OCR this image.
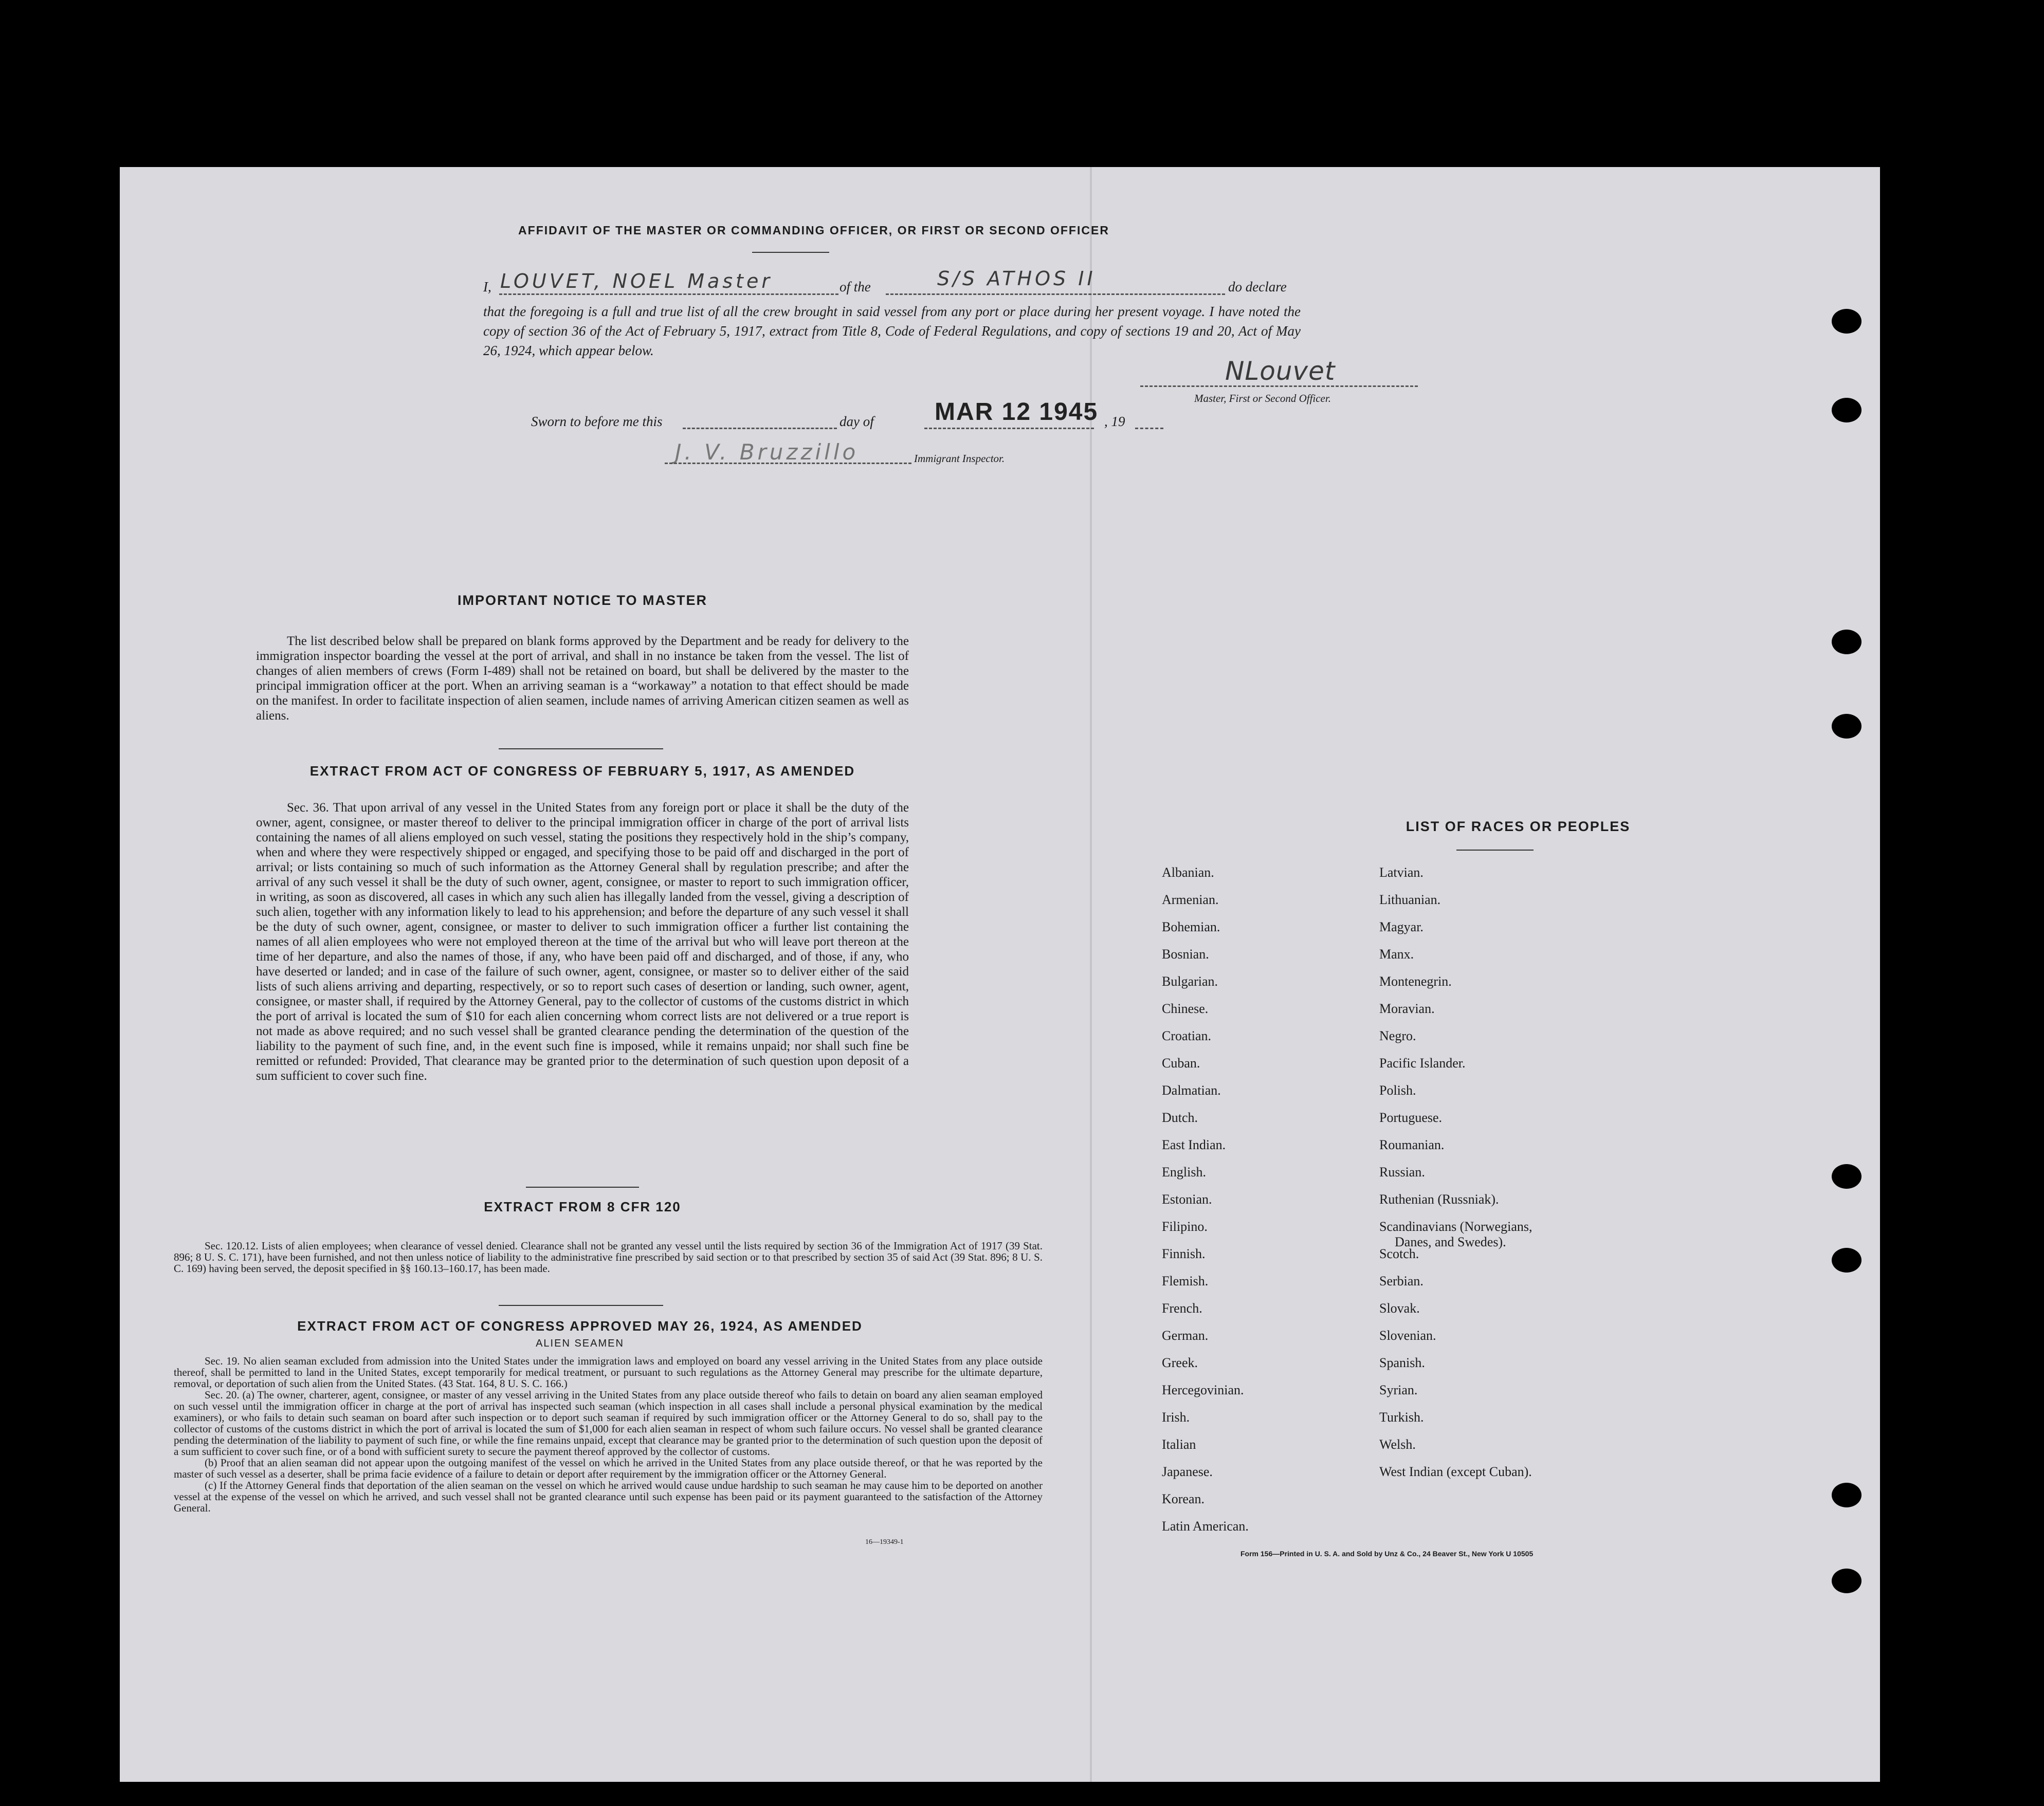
AFFIDAVIT OF THE MASTER OR COMMANDING OFFICER, OR FIRST OR SECOND OFFICER
I, LOUVET, NOEL Master	of the	S/S ATHOS II	do declare
that the foregoing is a full and true list of all the crew brought in said vessel from any port or place during her present voyage. I have noted the copy of section 36 of the Act of February 5, 1917, extract from Title 8, Code of Federal Regulations, and copy of sections 19 and 20, Act of May 26, 1924, which appear below.
NLouvet
Master, First or Second Officer.
Sworn to before me this	day of MAR 12 1945 , 19
J. V. Bruzzillo	Immigrant Inspector.
IMPORTANT NOTICE TO MASTER
The list described below shall be prepared on blank forms approved by the Department and be ready for delivery to the immigration inspector boarding the vessel at the port of arrival, and shall in no instance be taken from the vessel. The list of changes of alien members of crews (Form I-489) shall not be retained on board, but shall be delivered by the master to the principal immigration officer at the port. When an arriving seaman is a “workaway” a notation to that effect should be made on the manifest. In order to facilitate inspection of alien seamen, include names of arriving American citizen seamen as well as aliens.
EXTRACT FROM ACT OF CONGRESS OF FEBRUARY 5, 1917, AS AMENDED
Sec. 36. That upon arrival of any vessel in the United States from any foreign port or place it shall be the duty of the owner, agent, consignee, or master thereof to deliver to the principal immigration officer in charge of the port of arrival lists containing the names of all aliens employed on such vessel, stating the positions they respectively hold in the ship’s company, when and where they were respectively shipped or engaged, and specifying those to be paid off and discharged in the port of arrival; or lists containing so much of such information as the Attorney General shall by regulation prescribe; and after the arrival of any such vessel it shall be the duty of such owner, agent, consignee, or master to report to such immigration officer, in writing, as soon as discovered, all cases in which any such alien has illegally landed from the vessel, giving a description of such alien, together with any information likely to lead to his apprehension; and before the departure of any such vessel it shall be the duty of such owner, agent, consignee, or master to deliver to such immigration officer a further list containing the names of all alien employees who were not employed thereon at the time of the arrival but who will leave port thereon at the time of her departure, and also the names of those, if any, who have been paid off and discharged, and of those, if any, who have deserted or landed; and in case of the failure of such owner, agent, consignee, or master so to deliver either of the said lists of such aliens arriving and departing, respectively, or so to report such cases of desertion or landing, such owner, agent, consignee, or master shall, if required by the Attorney General, pay to the collector of customs of the customs district in which the port of arrival is located the sum of $10 for each alien concerning whom correct lists are not delivered or a true report is not made as above required; and no such vessel shall be granted clearance pending the determination of the question of the liability to the payment of such fine, and, in the event such fine is imposed, while it remains unpaid; nor shall such fine be remitted or refunded: Provided, That clearance may be granted prior to the determination of such question upon deposit of a sum sufficient to cover such fine.
EXTRACT FROM 8 CFR 120
Sec. 120.12. Lists of alien employees; when clearance of vessel denied. Clearance shall not be granted any vessel until the lists required by section 36 of the Immigration Act of 1917 (39 Stat. 896; 8 U. S. C. 171), have been furnished, and not then unless notice of liability to the administrative fine prescribed by said section or to that prescribed by section 35 of said Act (39 Stat. 896; 8 U. S. C. 169) having been served, the deposit specified in §§ 160.13–160.17, has been made.
EXTRACT FROM ACT OF CONGRESS APPROVED MAY 26, 1924, AS AMENDED
ALIEN SEAMEN

Sec. 19. No alien seaman excluded from admission into the United States under the immigration laws and employed on board any vessel arriving in the United States from any place outside thereof, shall be permitted to land in the United States, except temporarily for medical treatment, or pursuant to such regulations as the Attorney General may prescribe for the ultimate departure, removal, or deportation of such alien from the United States. (43 Stat. 164, 8 U. S. C. 166.)

Sec. 20. (a) The owner, charterer, agent, consignee, or master of any vessel arriving in the United States from any place outside thereof who fails to detain on board any alien seaman employed on such vessel until the immigration officer in charge at the port of arrival has inspected such seaman (which inspection in all cases shall include a personal physical examination by the medical examiners), or who fails to detain such seaman on board after such inspection or to deport such seaman if required by such immigration officer or the Attorney General to do so, shall pay to the collector of customs of the customs district in which the port of arrival is located the sum of $1,000 for each alien seaman in respect of whom such failure occurs. No vessel shall be granted clearance pending the determination of the liability to payment of such fine, or while the fine remains unpaid, except that clearance may be granted prior to the determination of such question upon the deposit of a sum sufficient to cover such fine, or of a bond with sufficient surety to secure the payment thereof approved by the collector of customs.

(b) Proof that an alien seaman did not appear upon the outgoing manifest of the vessel on which he arrived in the United States from any place outside thereof, or that he was reported by the master of such vessel as a deserter, shall be prima facie evidence of a failure to detain or deport after requirement by the immigration officer or the Attorney General.

(c) If the Attorney General finds that deportation of the alien seaman on the vessel on which he arrived would cause undue hardship to such seaman he may cause him to be deported on another vessel at the expense of the vessel on which he arrived, and such vessel shall not be granted clearance until such expense has been paid or its payment guaranteed to the satisfaction of the Attorney General.

16—19349-1
LIST OF RACES OR PEOPLES
Albanian.
Armenian.
Bohemian.
Bosnian.
Bulgarian.
Chinese.
Croatian.
Cuban.
Dalmatian.
Dutch.
East Indian.
English.
Estonian.
Filipino.
Finnish.
Flemish.
French.
German.
Greek.
Hercegovinian.
Irish.
Italian
Japanese.
Korean.
Latin American.
Latvian.
Lithuanian.
Magyar.
Manx.
Montenegrin.
Moravian.
Negro.
Pacific Islander.
Polish.
Portuguese.
Roumanian.
Russian.
Ruthenian (Russniak).
Scandinavians (Norwegians,
Danes, and Swedes).
Scotch.
Serbian.
Slovak.
Slovenian.
Spanish.
Syrian.
Turkish.
Welsh.
West Indian (except Cuban).
Form 156—Printed in U. S. A. and Sold by Unz & Co., 24 Beaver St., New York U 10505
